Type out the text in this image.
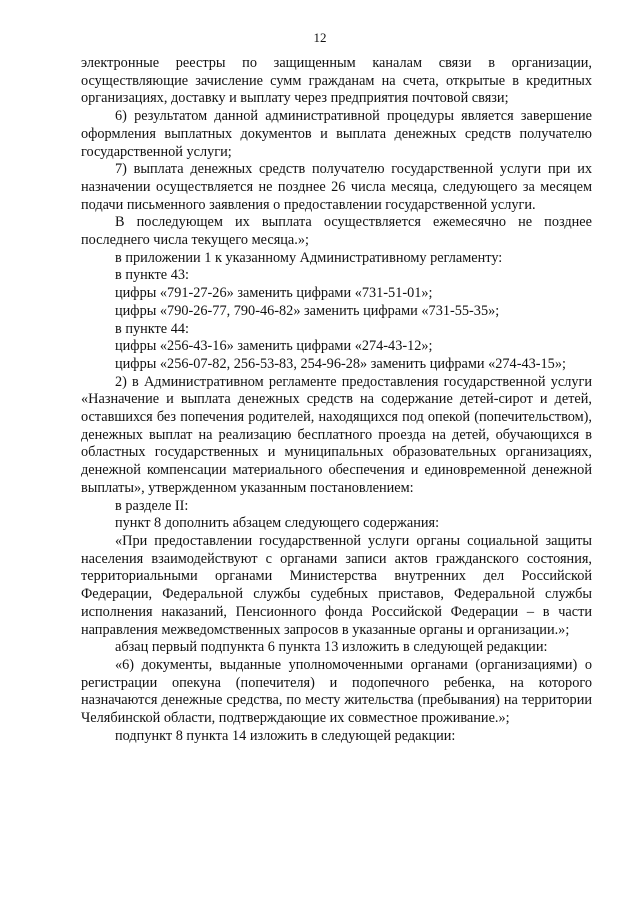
12

электронные реестры по защищенным каналам связи в организации, осуществляющие зачисление сумм гражданам на счета, открытые в кредитных организациях, доставку и выплату через предприятия почтовой связи;

6) результатом данной административной процедуры является завершение оформления выплатных документов и выплата денежных средств получателю государственной услуги;

7) выплата денежных средств получателю государственной услуги при их назначении осуществляется не позднее 26 числа месяца, следующего за месяцем подачи письменного заявления о предоставлении государственной услуги.

В последующем их выплата осуществляется ежемесячно не позднее последнего числа текущего месяца.»;

в приложении 1 к указанному Административному регламенту:

в пункте 43:

цифры «791-27-26» заменить цифрами «731-51-01»;

цифры «790-26-77, 790-46-82» заменить цифрами «731-55-35»;

в пункте 44:

цифры «256-43-16» заменить цифрами «274-43-12»;

цифры «256-07-82, 256-53-83, 254-96-28» заменить цифрами «274-43-15»;

2) в Административном регламенте предоставления государственной услуги «Назначение и выплата денежных средств на содержание детей-сирот и детей, оставшихся без попечения родителей, находящихся под опекой (попечительством), денежных выплат на реализацию бесплатного проезда на детей, обучающихся в областных государственных и муниципальных образовательных организациях, денежной компенсации материального обеспечения и единовременной денежной выплаты», утвержденном указанным постановлением:

в разделе II:

пункт 8 дополнить абзацем следующего содержания:

«При предоставлении государственной услуги органы социальной защиты населения взаимодействуют с органами записи актов гражданского состояния, территориальными органами Министерства внутренних дел Российской Федерации, Федеральной службы судебных приставов, Федеральной службы исполнения наказаний, Пенсионного фонда Российской Федерации – в части направления межведомственных запросов в указанные органы и организации.»;

абзац первый подпункта 6 пункта 13 изложить в следующей редакции:

«6) документы, выданные уполномоченными органами (организациями) о регистрации опекуна (попечителя) и подопечного ребенка, на которого назначаются денежные средства, по месту жительства (пребывания) на территории Челябинской области, подтверждающие их совместное проживание.»;

подпункт 8 пункта 14 изложить в следующей редакции:
